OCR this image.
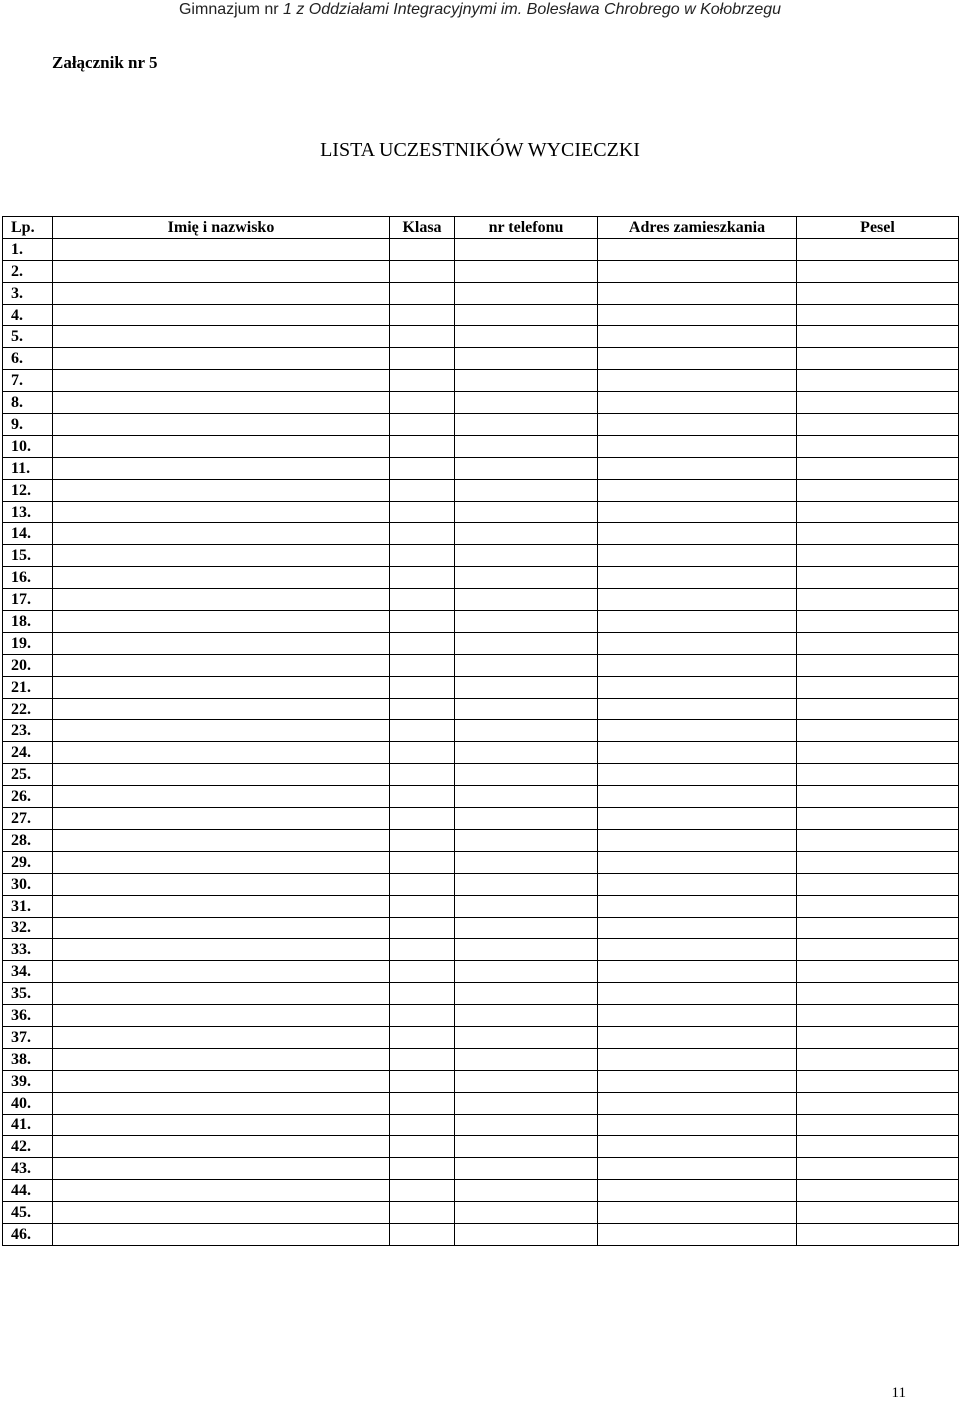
Gimnazjum nr 1 z Oddziałami Integracyjnymi im. Bolesława Chrobrego w Kołobrzegu
Załącznik nr 5
LISTA UCZESTNIKÓW WYCIECZKI
Lp.	Imię i nazwisko	Klasa	nr telefonu	Adres zamieszkania	Pesel
1.					
2.					
3.					
4.					
5.					
6.					
7.					
8.					
9.					
10.					
11.					
12.					
13.					
14.					
15.					
16.					
17.					
18.					
19.					
20.					
21.					
22.					
23.					
24.					
25.					
26.					
27.					
28.					
29.					
30.					
31.					
32.					
33.					
34.					
35.					
36.					
37.					
38.					
39.					
40.					
41.					
42.					
43.					
44.					
45.					
46.					
11
